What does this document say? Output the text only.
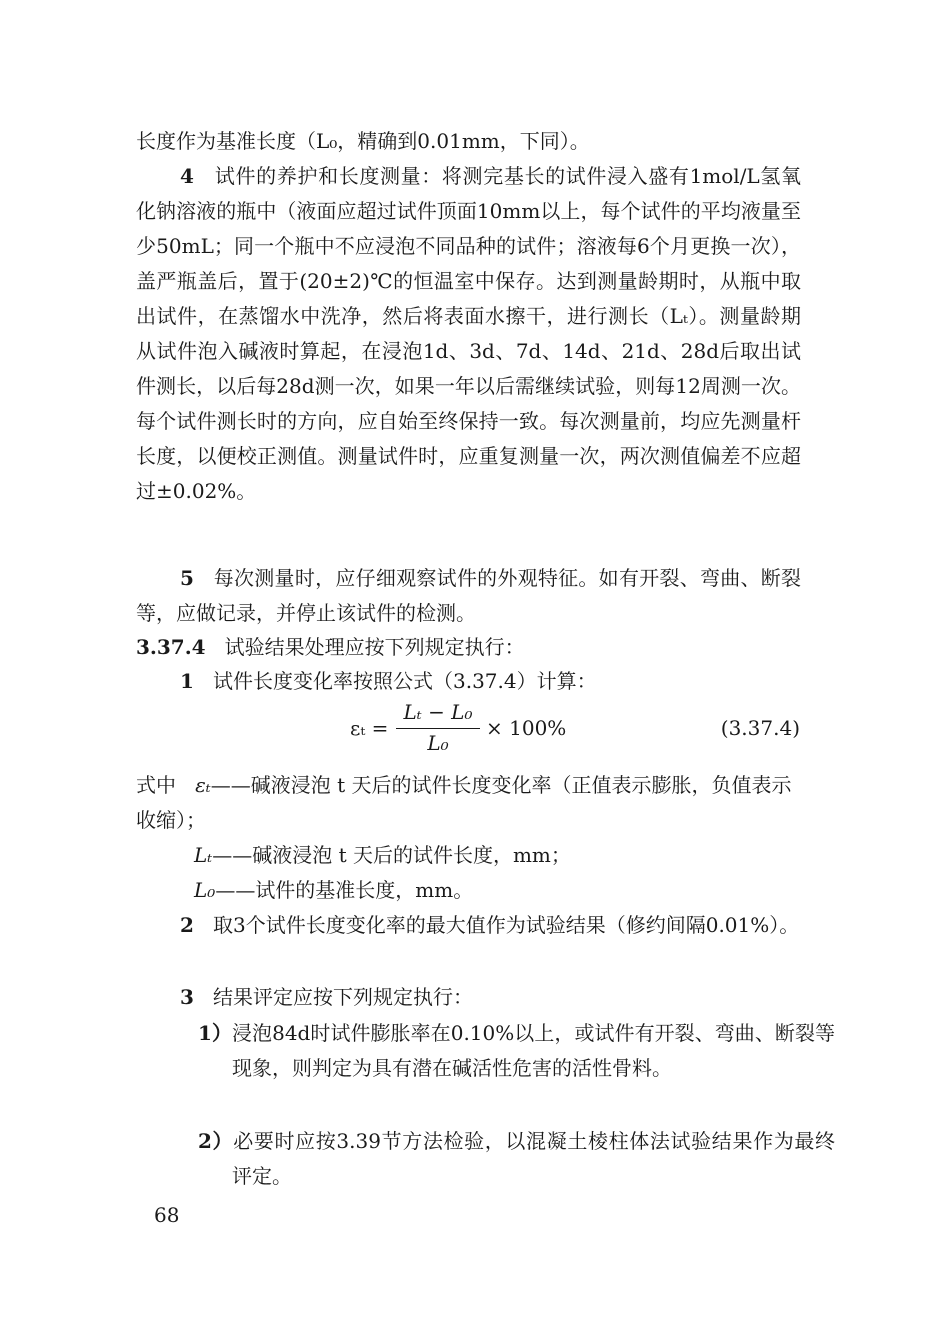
长度作为基准长度（L₀，精确到0.01mm，下同）。

4 试件的养护和长度测量：将测完基长的试件浸入盛有1mol/L氢氧化钠溶液的瓶中（液面应超过试件顶面10mm以上，每个试件的平均液量至少50mL；同一个瓶中不应浸泡不同品种的试件；溶液每6个月更换一次），盖严瓶盖后，置于(20±2)℃的恒温室中保存。达到测量龄期时，从瓶中取出试件，在蒸馏水中洗净，然后将表面水擦干，进行测长（Lₜ）。测量龄期从试件泡入碱液时算起，在浸泡1d、3d、7d、14d、21d、28d后取出试件测长，以后每28d测一次，如果一年以后需继续试验，则每12周测一次。每个试件测长时的方向，应自始至终保持一致。每次测量前，均应先测量杆长度，以便校正测值。测量试件时，应重复测量一次，两次测值偏差不应超过±0.02%。

5 每次测量时，应仔细观察试件的外观特征。如有开裂、弯曲、断裂等，应做记录，并停止该试件的检测。

3.37.4 试验结果处理应按下列规定执行：

1 试件长度变化率按照公式（3.37.4）计算：

εₜ =
Lₜ − L₀
L₀
× 100%	(3.37.4)
式中 εₜ——碱液浸泡 t 天后的试件长度变化率（正值表示膨胀，负值表示收缩）；
Lₜ——碱液浸泡 t 天后的试件长度，mm；
L₀——试件的基准长度，mm。

2 取3个试件长度变化率的最大值作为试验结果（修约间隔0.01%）。

3 结果评定应按下列规定执行：

1）浸泡84d时试件膨胀率在0.10%以上，或试件有开裂、弯曲、断裂等现象，则判定为具有潜在碱活性危害的活性骨料。

2）必要时应按3.39节方法检验，以混凝土棱柱体法试验结果作为最终评定。

68
